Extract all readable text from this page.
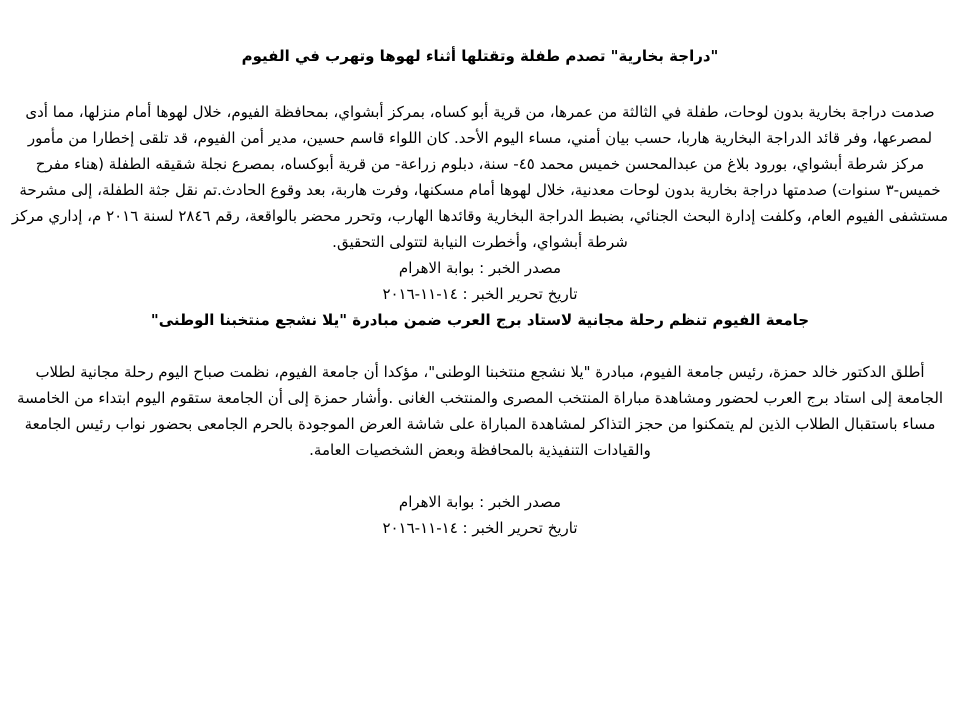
"دراجة بخارية" تصدم طفلة وتقتلها أثناء لهوها وتهرب في الفيوم

صدمت دراجة بخارية بدون لوحات، طفلة في الثالثة من عمرها، من قرية أبو كساه، بمركز أبشواي، بمحافظة الفيوم، خلال لهوها أمام منزلها، مما أدى لمصرعها، وفر قائد الدراجة البخارية هاربا، حسب بيان أمني، مساء اليوم الأحد. كان اللواء قاسم حسين، مدير أمن الفيوم، قد تلقى إخطارا من مأمور مركز شرطة أبشواي، بورود بلاغ من عبدالمحسن خميس محمد ٤٥- سنة، دبلوم زراعة- من قرية أبوكساه، بمصرع نجلة شقيقه الطفلة (هناء مفرح خميس-٣ سنوات) صدمتها دراجة بخارية بدون لوحات معدنية، خلال لهوها أمام مسكنها، وفرت هاربة، بعد وقوع الحادث.تم نقل جثة الطفلة، إلى مشرحة مستشفى الفيوم العام، وكلفت إدارة البحث الجنائي، بضبط الدراجة البخارية وقائدها الهارب، وتحرر محضر بالواقعة، رقم ٢٨٤٦ لسنة ٢٠١٦ م، إداري مركز شرطة أبشواي، وأخطرت النيابة لتتولى التحقيق.

مصدر الخبر : بوابة الاهرام

تاريخ تحرير الخبر : ١٤-١١-٢٠١٦

جامعة الفيوم تنظم رحلة مجانية لاستاد برج العرب ضمن مبادرة "يلا نشجع منتخبنا الوطنى"

أطلق الدكتور خالد حمزة، رئيس جامعة الفيوم، مبادرة "يلا نشجع منتخبنا الوطنى"، مؤكدا أن جامعة الفيوم، نظمت صباح اليوم رحلة مجانية لطلاب الجامعة إلى استاد برج العرب لحضور ومشاهدة مباراة المنتخب المصرى والمنتخب الغانى .وأشار حمزة إلى أن الجامعة ستقوم اليوم ابتداء من الخامسة مساء باستقبال الطلاب الذين لم يتمكنوا من حجز التذاكر لمشاهدة المباراة على شاشة العرض الموجودة بالحرم الجامعى بحضور نواب رئيس الجامعة والقيادات التنفيذية بالمحافظة وبعض الشخصيات العامة.

مصدر الخبر : بوابة الاهرام

تاريخ تحرير الخبر : ١٤-١١-٢٠١٦
